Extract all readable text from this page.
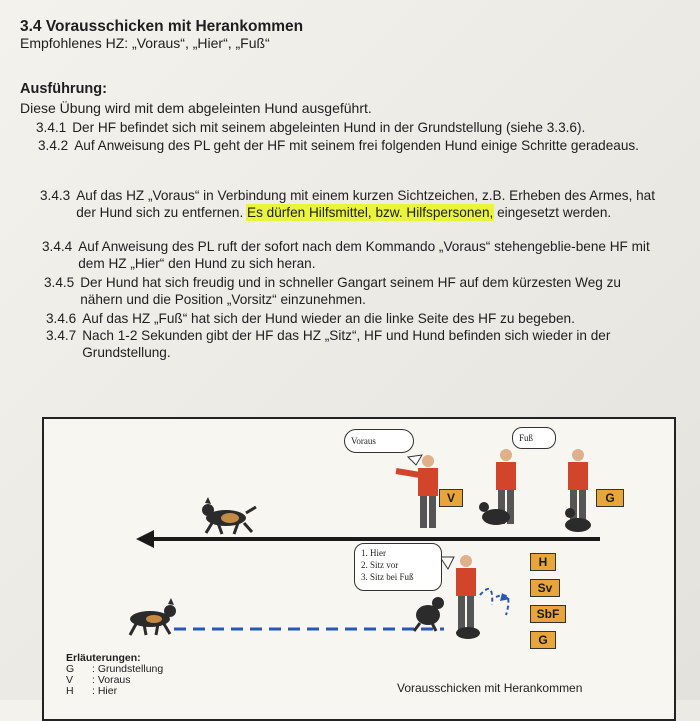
3.4 Vorausschicken mit Herankommen
Empfohlenes HZ: „Voraus“, „Hier“, „Fuß“
Ausführung:
Diese Übung wird mit dem abgeleinten Hund ausgeführt.
3.4.1 Der HF befindet sich mit seinem abgeleinten Hund in der Grundstellung (siehe 3.3.6).
3.4.2 Auf Anweisung des PL geht der HF mit seinem frei folgenden Hund einige Schritte geradeaus.
3.4.3 Auf das HZ „Voraus“ in Verbindung mit einem kurzen Sichtzeichen, z.B. Erheben des Armes, hat der Hund sich zu entfernen. Es dürfen Hilfsmittel, bzw. Hilfspersonen, eingesetzt werden.
3.4.4 Auf Anweisung des PL ruft der sofort nach dem Kommando „Voraus“ stehengeblie-bene HF mit dem HZ „Hier“ den Hund zu sich heran.
3.4.5 Der Hund hat sich freudig und in schneller Gangart seinem HF auf dem kürzesten Weg zu nähern und die Position „Vorsitz“ einzunehmen.
3.4.6 Auf das HZ „Fuß“ hat sich der Hund wieder an die linke Seite des HF zu begeben.
3.4.7 Nach 1-2 Sekunden gibt der HF das HZ „Sitz“, HF und Hund befinden sich wieder in der Grundstellung.
Voraus	Fuß
1. Hier
2. Sitz vor
3. Sitz bei Fuß
V	G
H
Sv
SbF
G
Erläuterungen:
G	: Grundstellung
V	: Voraus
H	: Hier	Vorausschicken mit Herankommen
